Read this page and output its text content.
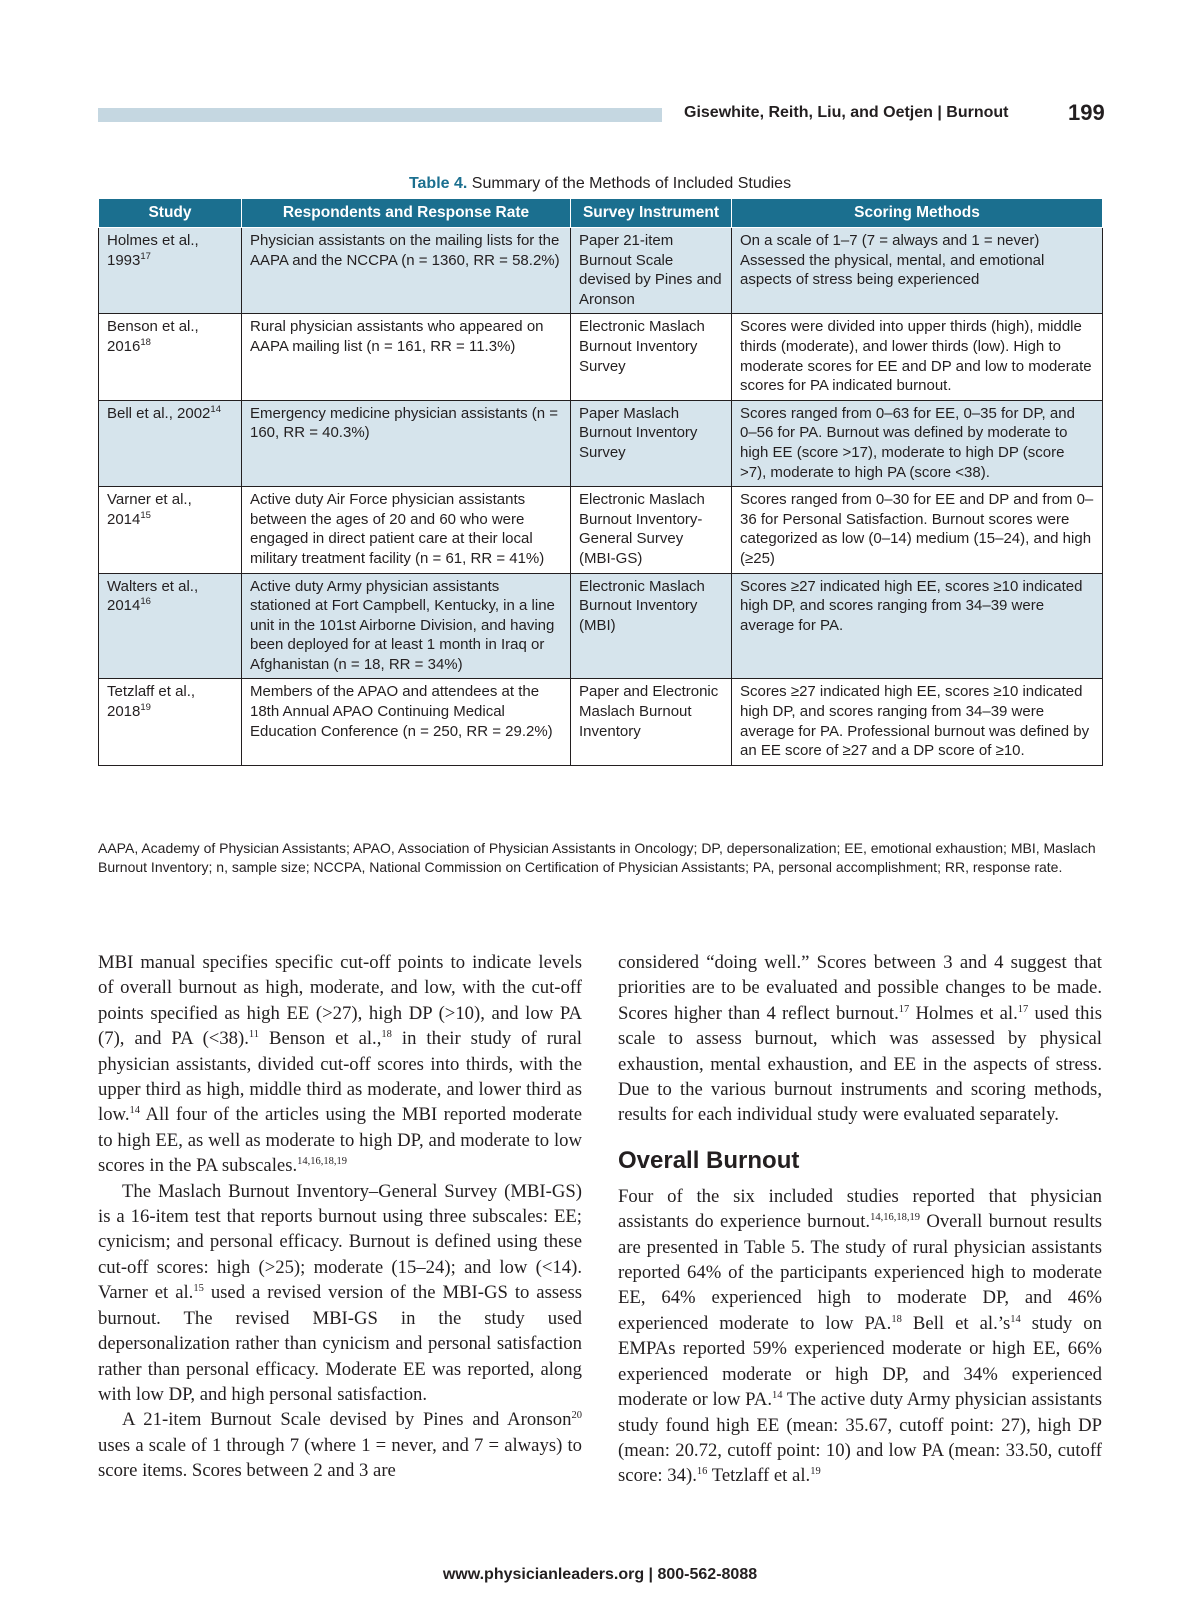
Gisewhite, Reith, Liu, and Oetjen | Burnout	199
Table 4. Summary of the Methods of Included Studies
Study	Respondents and Response Rate	Survey Instrument	Scoring Methods
Holmes et al., 1993$^{17}$	Physician assistants on the mailing lists for the AAPA and the NCCPA (n = 1360, RR = 58.2%)	Paper 21-item Burnout Scale devised by Pines and Aronson	On a scale of 1–7 (7 = always and 1 = never) Assessed the physical, mental, and emotional aspects of stress being experienced
Benson et al., 2016$^{18}$	Rural physician assistants who appeared on AAPA mailing list (n = 161, RR = 11.3%)	Electronic Maslach Burnout Inventory Survey	Scores were divided into upper thirds (high), middle thirds (moderate), and lower thirds (low). High to moderate scores for EE and DP and low to moderate scores for PA indicated burnout.
Bell et al., 2002$^{14}$	Emergency medicine physician assistants (n = 160, RR = 40.3%)	Paper Maslach Burnout Inventory Survey	Scores ranged from 0–63 for EE, 0–35 for DP, and 0–56 for PA. Burnout was defined by moderate to high EE (score >17), moderate to high DP (score >7), moderate to high PA (score <38).
Varner et al., 2014$^{15}$	Active duty Air Force physician assistants between the ages of 20 and 60 who were engaged in direct patient care at their local military treatment facility (n = 61, RR = 41%)	Electronic Maslach Burnout Inventory-General Survey (MBI-GS)	Scores ranged from 0–30 for EE and DP and from 0–36 for Personal Satisfaction. Burnout scores were categorized as low (0–14) medium (15–24), and high (≥25)
Walters et al., 2014$^{16}$	Active duty Army physician assistants stationed at Fort Campbell, Kentucky, in a line unit in the 101st Airborne Division, and having been deployed for at least 1 month in Iraq or Afghanistan (n = 18, RR = 34%)	Electronic Maslach Burnout Inventory (MBI)	Scores ≥27 indicated high EE, scores ≥10 indicated high DP, and scores ranging from 34–39 were average for PA.
Tetzlaff et al., 2018$^{19}$	Members of the APAO and attendees at the 18th Annual APAO Continuing Medical Education Conference (n = 250, RR = 29.2%)	Paper and Electronic Maslach Burnout Inventory	Scores ≥27 indicated high EE, scores ≥10 indicated high DP, and scores ranging from 34–39 were average for PA. Professional burnout was defined by an EE score of ≥27 and a DP score of ≥10.
AAPA, Academy of Physician Assistants; APAO, Association of Physician Assistants in Oncology; DP, depersonalization; EE, emotional exhaustion; MBI, Maslach Burnout Inventory; n, sample size; NCCPA, National Commission on Certification of Physician Assistants; PA, personal accomplishment; RR, response rate.

MBI manual specifies specific cut-off points to indicate levels of overall burnout as high, moderate, and low, with the cut-off points specified as high EE (>27), high DP (>10), and low PA (7), and PA (<38).$^{11}$ Benson et al.,$^{18}$ in their study of rural physician assistants, divided cut-off scores into thirds, with the upper third as high, middle third as moderate, and lower third as low.$^{14}$ All four of the articles using the MBI reported moderate to high EE, as well as moderate to high DP, and moderate to low scores in the PA subscales.$^{14,16,18,19}$

The Maslach Burnout Inventory–General Survey (MBI-GS) is a 16-item test that reports burnout using three subscales: EE; cynicism; and personal efficacy. Burnout is defined using these cut-off scores: high (>25); moderate (15–24); and low (<14). Varner et al.$^{15}$ used a revised version of the MBI-GS to assess burnout. The revised MBI-GS in the study used depersonalization rather than cynicism and personal satisfaction rather than personal efficacy. Moderate EE was reported, along with low DP, and high personal satisfaction.

A 21-item Burnout Scale devised by Pines and Aronson$^{20}$ uses a scale of 1 through 7 (where 1 = never, and 7 = always) to score items. Scores between 2 and 3 are

considered “doing well.” Scores between 3 and 4 suggest that priorities are to be evaluated and possible changes to be made. Scores higher than 4 reflect burnout.$^{17}$ Holmes et al.$^{17}$ used this scale to assess burnout, which was assessed by physical exhaustion, mental exhaustion, and EE in the aspects of stress. Due to the various burnout instruments and scoring methods, results for each individual study were evaluated separately.

Overall Burnout

Four of the six included studies reported that physician assistants do experience burnout.$^{14,16,18,19}$ Overall burnout results are presented in Table 5. The study of rural physician assistants reported 64% of the participants experienced high to moderate EE, 64% experienced high to moderate DP, and 46% experienced moderate to low PA.$^{18}$ Bell et $al.’s^{14}$ study on EMPAs reported 59% experienced moderate or high EE, 66% experienced moderate or high DP, and 34% experienced moderate or low PA.$^{14}$ The active duty Army physician assistants study found high EE (mean: 35.67, cutoff point: 27), high DP (mean: 20.72, cutoff point: 10) and low PA (mean: 33.50, cutoff score: 34).$^{16}$ Tetzlaff et al.$^{19}$

www.physicianleaders.org | 800-562-8088
